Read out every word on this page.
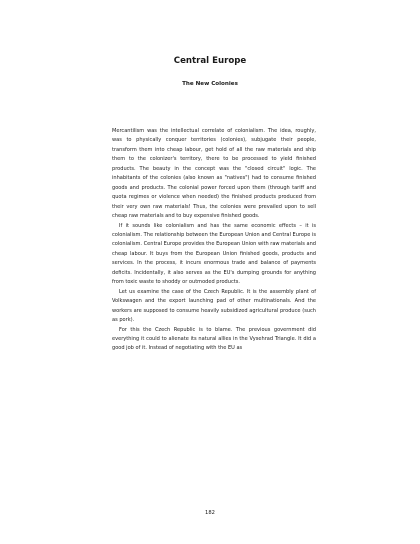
Central Europe
The New Colonies

Mercantilism was the intellectual correlate of colonialism. The idea, roughly, was to physically conquer territories (colonies), subjugate their people, transform them into cheap labour, get hold of all the raw materials and ship them to the colonizer's territory, there to be processed to yield finished products. The beauty in the concept was the "closed circuit" logic. The inhabitants of the colonies (also known as "natives") had to consume finished goods and products. The colonial power forced upon them (through tariff and quota regimes or violence when needed) the finished products produced from their very own raw materials! Thus, the colonies were prevailed upon to sell cheap raw materials and to buy expensive finished goods.

If it sounds like colonialism and has the same economic effects – it is colonialism. The relationship between the European Union and Central Europe is colonialism. Central Europe provides the European Union with raw materials and cheap labour. It buys from the European Union finished goods, products and services. In the process, it incurs enormous trade and balance of payments deficits. Incidentally, it also serves as the EU's dumping grounds for anything from toxic waste to shoddy or outmoded products.

Let us examine the case of the Czech Republic. It is the assembly plant of Volkswagen and the export launching pad of other multinationals. And the workers are supposed to consume heavily subsidized agricultural produce (such as pork).

For this the Czech Republic is to blame. The previous government did everything it could to alienate its natural allies in the Vysehrad Triangle. It did a good job of it. Instead of negotiating with the EU as

182
